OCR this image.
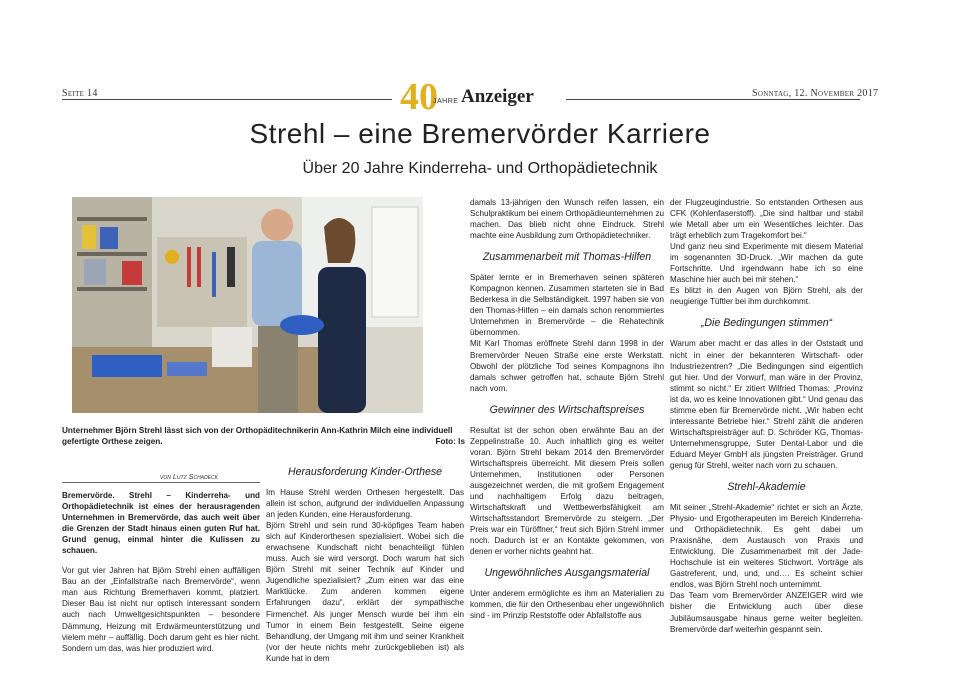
Seite 14	Sonntag, 12. November 2017
40
JAHRE Anzeiger
Strehl – eine Bremervörder Karriere
Über 20 Jahre Kinderreha- und Orthopädietechnik
Unternehmer Björn Strehl lässt sich von der Orthopäditechnikerin Ann-Kathrin Milch eine individuell gefertigte Orthese zeigen.	Foto: ls
von Lutz Schadeck

Bremervörde. Strehl – Kinderreha- und Orthopädietechnik ist eines der herausragenden Unternehmen in Bremervörde, das auch weit über die Grenzen der Stadt hinaus einen guten Ruf hat. Grund genug, einmal hinter die Kulissen zu schauen.

Vor gut vier Jahren hat Björn Strehl einen auffälligen Bau an der „Einfallstraße nach Bremervörde“, wenn man aus Richtung Bremerhaven kommt, platziert. Dieser Bau ist nicht nur optisch interessant sondern auch nach Umweltgesichtspunkten – besondere Dämmung, Heizung mit Erdwärmeunterstützung und vielem mehr – auffällig. Doch darum geht es hier nicht. Sondern um das, was hier produziert wird.

Herausforderung Kinder-Orthese

Im Hause Strehl werden Orthesen hergestellt. Das allein ist schon, aufgrund der individuellen Anpassung an jeden Kunden, eine Herausforderung.

Björn Strehl und sein rund 30-köpfiges Team haben sich auf Kinderorthesen spezialisiert. Wobei sich die erwachsene Kundschaft nicht benachteiligt fühlen muss. Auch sie wird versorgt. Doch warum hat sich Björn Strehl mit seiner Technik auf Kinder und Jugendliche spezialisiert? „Zum einen war das eine Marktlücke. Zum anderen kommen eigene Erfahrungen dazu“, erklärt der sympathische Firmenchef. Als junger Mensch wurde bei ihm ein Tumor in einem Bein festgestellt. Seine eigene Behandlung, der Umgang mit ihm und seiner Krankheit (vor der heute nichts mehr zurückgeblieben ist) als Kunde hat in dem

damals 13-jährigen den Wunsch reifen lassen, ein Schulpraktikum bei einem Orthopädieunternehmen zu machen. Das blieb nicht ohne Eindruck. Strehl machte eine Ausbildung zum Orthopädietechniker.

Zusammenarbeit mit Thomas-Hilfen

Später lernte er in Bremerhaven seinen späteren Kompagnon kennen. Zusammen starteten sie in Bad Bederkesa in die Selbständigkeit. 1997 haben sie von den Thomas-Hilfen – ein damals schon renommiertes Unternehmen in Bremervörde – die Rehatechnik übernommen.

Mit Karl Thomas eröffnete Strehl dann 1998 in der Bremervörder Neuen Straße eine erste Werkstatt. Obwohl der plötzliche Tod seines Kompagnons ihn damals schwer getroffen hat, schaute Björn Strehl nach vorn.

Gewinner des Wirtschaftspreises

Resultat ist der schon oben erwähnte Bau an der Zeppelinstraße 10. Auch inhaltlich ging es weiter voran. Björn Strehl bekam 2014 den Bremervörder Wirtschaftspreis überreicht. Mit diesem Preis sollen Unternehmen, Institutionen oder Personen ausgezeichnet werden, die mit großem Engagement und nachhaltigem Erfolg dazu beitragen, Wirtschaftskraft und Wettbewerbsfähigkeit am Wirtschaftsstandort Bremervörde zu steigern. „Der Preis war ein Türöffner,“ freut sich Björn Strehl immer noch. Dadurch ist er an Kontakte gekommen, von denen er vorher nichts geahnt hat.

Ungewöhnliches Ausgangsmaterial

Unter anderem ermöglichte es ihm an Materialien zu kommen, die für den Orthesenbau eher ungewöhnlich sind - im Prinzip Reststoffe oder Abfallstoffe aus

der Flugzeugindustrie. So entstanden Orthesen aus CFK (Kohlenfaserstoff). „Die sind haltbar und stabil wie Metall aber um ein Wesentliches leichter. Das trägt erheblich zum Tragekomfort bei.“

Und ganz neu sind Experimente mit diesem Material im sogenannten 3D-Druck. „Wir machen da gute Fortschritte. Und irgendwann habe ich so eine Maschine hier auch bei mir stehen.“

Es blitzt in den Augen von Björn Strehl, als der neugierige Tüftler bei ihm durchkommt.

„Die Bedingungen stimmen“

Warum aber macht er das alles in der Oststadt und nicht in einer der bekannteren Wirtschaft- oder Industriezentren? „Die Bedingungen sind eigentlich gut hier. Und der Vorwurf, man wäre in der Provinz, stimmt so nicht.“ Er zitiert Wilfried Thomas: „Provinz ist da, wo es keine Innovationen gibt.“ Und genau das stimme eben für Bremervörde nicht. „Wir haben echt interessante Betriebe hier.“ Strehl zählt die anderen Wirtschaftspreisträger auf: D. Schröder KG, Thomas-Unternehmensgruppe, Suter Dental-Labor und die Eduard Meyer GmbH als jüngsten Preisträger. Grund genug für Strehl, weiter nach vorn zu schauen.

Strehl-Akademie

Mit seiner „Strehl-Akademie“ richtet er sich an Ärzte, Physio- und Ergotherapeuten im Bereich Kinderreha- und Orthopädietechnik. Es geht dabei um Praxisnähe, dem Austausch von Praxis und Entwicklung. Die Zusammenarbeit mit der Jade-Hochschule ist ein weiteres Stichwort. Vorträge als Gastreferent, und, und, und…. Es scheint schier endlos, was Björn Strehl noch unternimmt.

Das Team vom Bremervörder ANZEIGER wird wie bisher die Entwicklung auch über diese Jubiläumsausgabe hinaus gerne weiter begleiten. Bremervörde darf weiterhin gespannt sein.
